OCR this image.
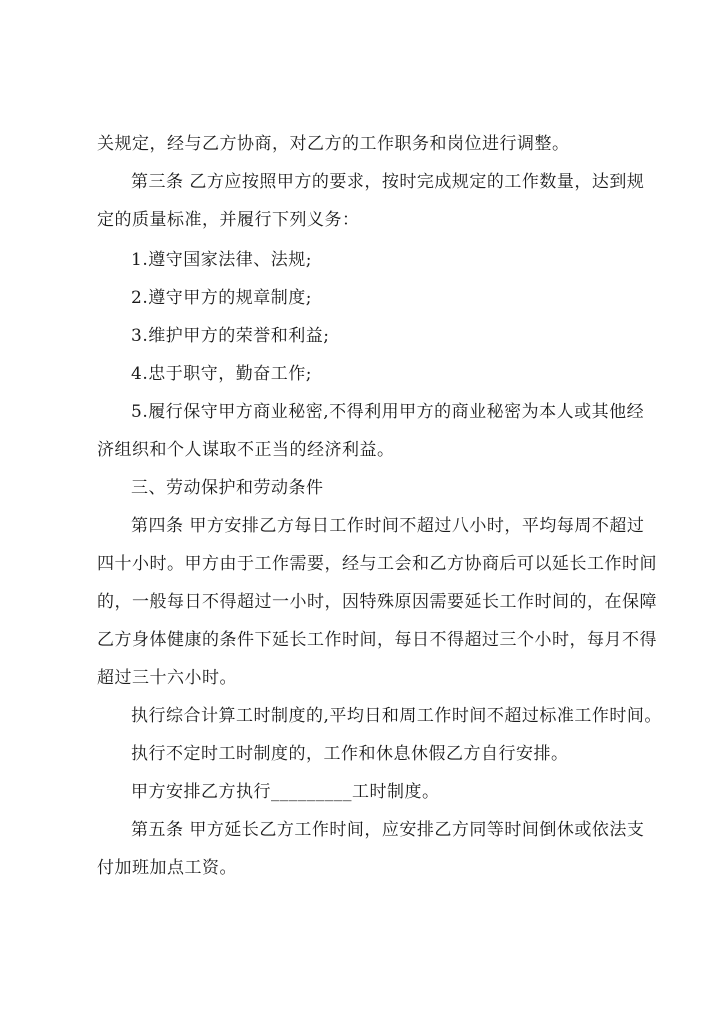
关规定，经与乙方协商，对乙方的工作职务和岗位进行调整。
第三条 乙方应按照甲方的要求，按时完成规定的工作数量，达到规
定的质量标准，并履行下列义务：
1.遵守国家法律、法规;
2.遵守甲方的规章制度;
3.维护甲方的荣誉和利益;
4.忠于职守，勤奋工作;
5.履行保守甲方商业秘密,不得利用甲方的商业秘密为本人或其他经
济组织和个人谋取不正当的经济利益。
三、劳动保护和劳动条件
第四条 甲方安排乙方每日工作时间不超过八小时，平均每周不超过
四十小时。甲方由于工作需要，经与工会和乙方协商后可以延长工作时间
的，一般每日不得超过一小时，因特殊原因需要延长工作时间的，在保障
乙方身体健康的条件下延长工作时间，每日不得超过三个小时，每月不得
超过三十六小时。
执行综合计算工时制度的,平均日和周工作时间不超过标准工作时间。
执行不定时工时制度的，工作和休息休假乙方自行安排。
甲方安排乙方执行_________工时制度。
第五条 甲方延长乙方工作时间，应安排乙方同等时间倒休或依法支
付加班加点工资。
